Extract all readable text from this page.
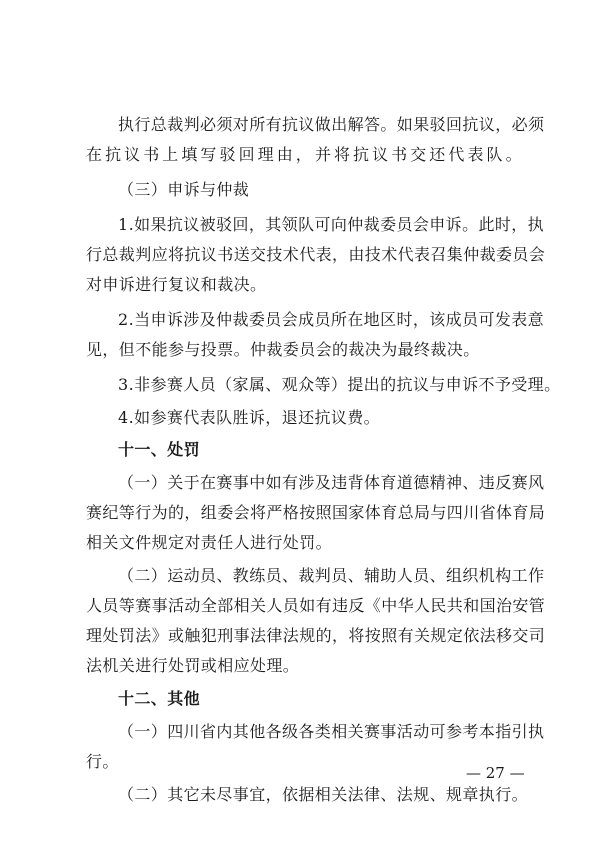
执行总裁判必须对所有抗议做出解答。如果驳回抗议，必须
在抗议书上填写驳回理由，并将抗议书交还代表队。
（三）申诉与仲裁
1.如果抗议被驳回，其领队可向仲裁委员会申诉。此时，执
行总裁判应将抗议书送交技术代表，由技术代表召集仲裁委员会
对申诉进行复议和裁决。
2.当申诉涉及仲裁委员会成员所在地区时，该成员可发表意
见，但不能参与投票。仲裁委员会的裁决为最终裁决。
3.非参赛人员（家属、观众等）提出的抗议与申诉不予受理。
4.如参赛代表队胜诉，退还抗议费。
十一、处罚
（一）关于在赛事中如有涉及违背体育道德精神、违反赛风
赛纪等行为的，组委会将严格按照国家体育总局与四川省体育局
相关文件规定对责任人进行处罚。
（二）运动员、教练员、裁判员、辅助人员、组织机构工作
人员等赛事活动全部相关人员如有违反《中华人民共和国治安管
理处罚法》或触犯刑事法律法规的，将按照有关规定依法移交司
法机关进行处罚或相应处理。
十二、其他
（一）四川省内其他各级各类相关赛事活动可参考本指引执
行。
（二）其它未尽事宜，依据相关法律、法规、规章执行。
— 27 —
